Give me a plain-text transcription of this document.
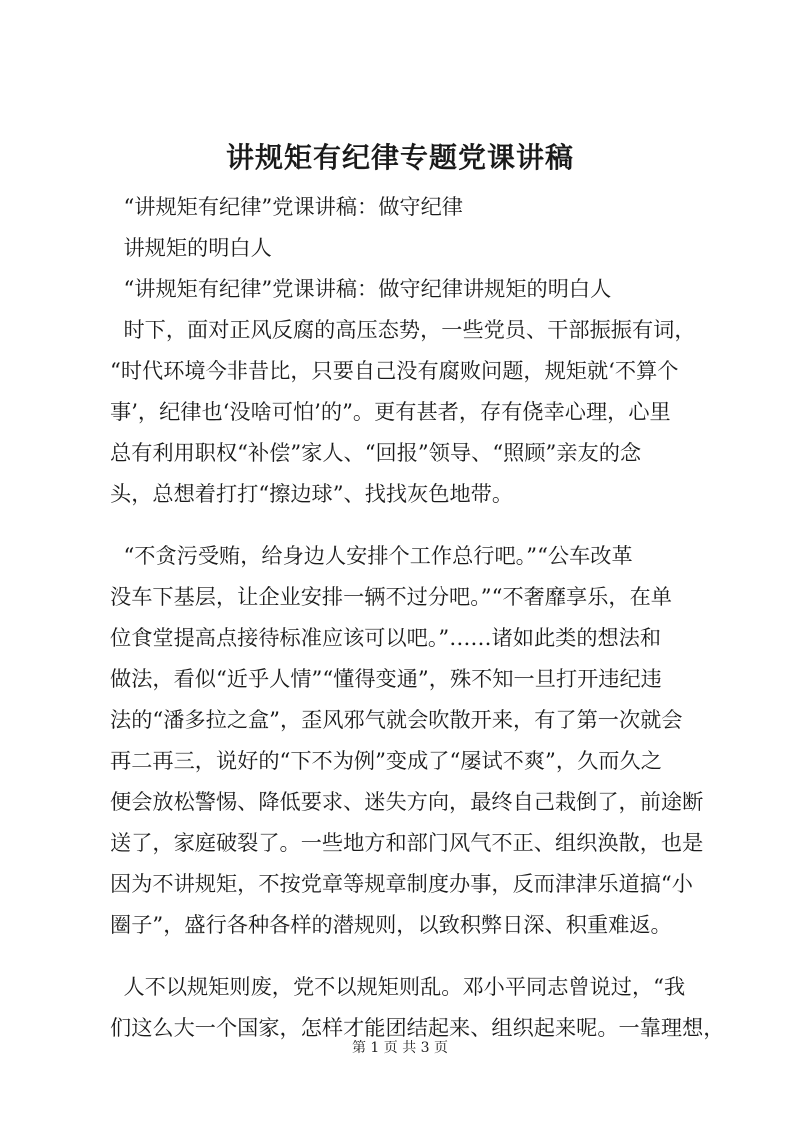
讲规矩有纪律专题党课讲稿
“讲规矩有纪律”党课讲稿：做守纪律
讲规矩的明白人
“讲规矩有纪律”党课讲稿：做守纪律讲规矩的明白人
时下，面对正风反腐的高压态势，一些党员、干部振振有词，
“时代环境今非昔比，只要自己没有腐败问题，规矩就‘不算个
事’，纪律也‘没啥可怕’的”。更有甚者，存有侥幸心理，心里
总有利用职权“补偿”家人、“回报”领导、“照顾”亲友的念
头，总想着打打“擦边球”、找找灰色地带。
“不贪污受贿，给身边人安排个工作总行吧。”“公车改革
没车下基层，让企业安排一辆不过分吧。”“不奢靡享乐，在单
位食堂提高点接待标准应该可以吧。”……诸如此类的想法和
做法，看似“近乎人情”“懂得变通”，殊不知一旦打开违纪违
法的“潘多拉之盒”，歪风邪气就会吹散开来，有了第一次就会
再二再三，说好的“下不为例”变成了“屡试不爽”，久而久之
便会放松警惕、降低要求、迷失方向，最终自己栽倒了，前途断
送了，家庭破裂了。一些地方和部门风气不正、组织涣散，也是
因为不讲规矩，不按党章等规章制度办事，反而津津乐道搞“小
圈子”，盛行各种各样的潜规则，以致积弊日深、积重难返。
人不以规矩则废，党不以规矩则乱。邓小平同志曾说过，“我
们这么大一个国家，怎样才能团结起来、组织起来呢。一靠理想，
第 1 页 共 3 页
